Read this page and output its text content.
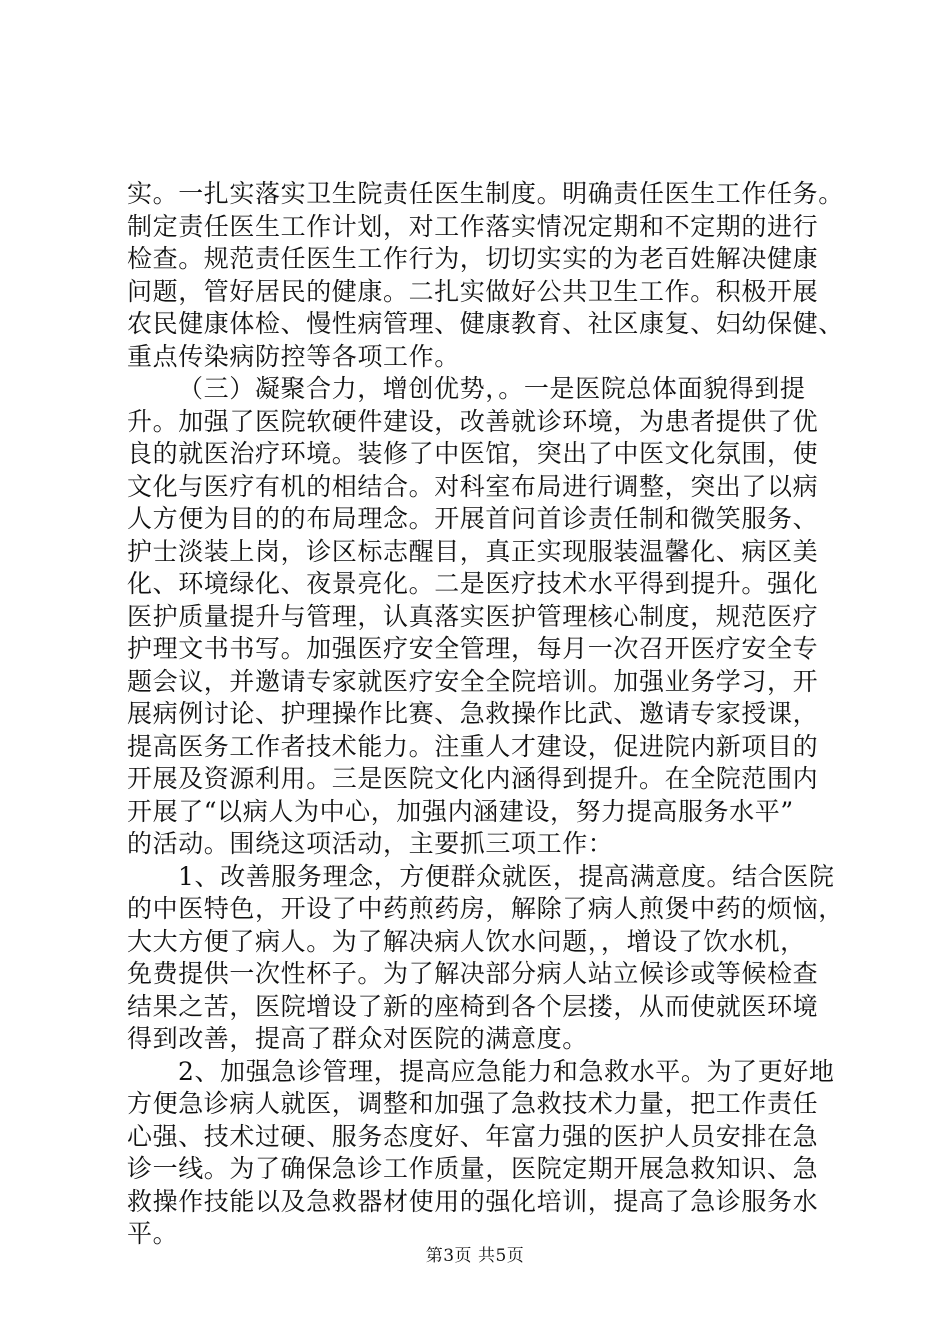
实。一扎实落实卫生院责任医生制度。明确责任医生工作任务。
制定责任医生工作计划，对工作落实情况定期和不定期的进行
检查。规范责任医生工作行为，切切实实的为老百姓解决健康
问题，管好居民的健康。二扎实做好公共卫生工作。积极开展
农民健康体检、慢性病管理、健康教育、社区康复、妇幼保健、
重点传染病防控等各项工作。
（三）凝聚合力，增创优势，。一是医院总体面貌得到提
升。加强了医院软硬件建设，改善就诊环境，为患者提供了优
良的就医治疗环境。装修了中医馆，突出了中医文化氛围，使
文化与医疗有机的相结合。对科室布局进行调整，突出了以病
人方便为目的的布局理念。开展首问首诊责任制和微笑服务、
护士淡装上岗，诊区标志醒目，真正实现服装温馨化、病区美
化、环境绿化、夜景亮化。二是医疗技术水平得到提升。强化
医护质量提升与管理，认真落实医护管理核心制度，规范医疗
护理文书书写。加强医疗安全管理，每月一次召开医疗安全专
题会议，并邀请专家就医疗安全全院培训。加强业务学习，开
展病例讨论、护理操作比赛、急救操作比武、邀请专家授课，
提高医务工作者技术能力。注重人才建设，促进院内新项目的
开展及资源利用。三是医院文化内涵得到提升。在全院范围内
开展了“以病人为中心，加强内涵建设，努力提高服务水平”
的活动。围绕这项活动，主要抓三项工作：
1、改善服务理念，方便群众就医，提高满意度。结合医院
的中医特色，开设了中药煎药房，解除了病人煎煲中药的烦恼，
大大方便了病人。为了解决病人饮水问题，，增设了饮水机，
免费提供一次性杯子。为了解决部分病人站立候诊或等候检查
结果之苦，医院增设了新的座椅到各个层搂，从而使就医环境
得到改善，提高了群众对医院的满意度。
2、加强急诊管理，提高应急能力和急救水平。为了更好地
方便急诊病人就医，调整和加强了急救技术力量，把工作责任
心强、技术过硬、服务态度好、年富力强的医护人员安排在急
诊一线。为了确保急诊工作质量，医院定期开展急救知识、急
救操作技能以及急救器材使用的强化培训，提高了急诊服务水
平。
第3页 共5页
